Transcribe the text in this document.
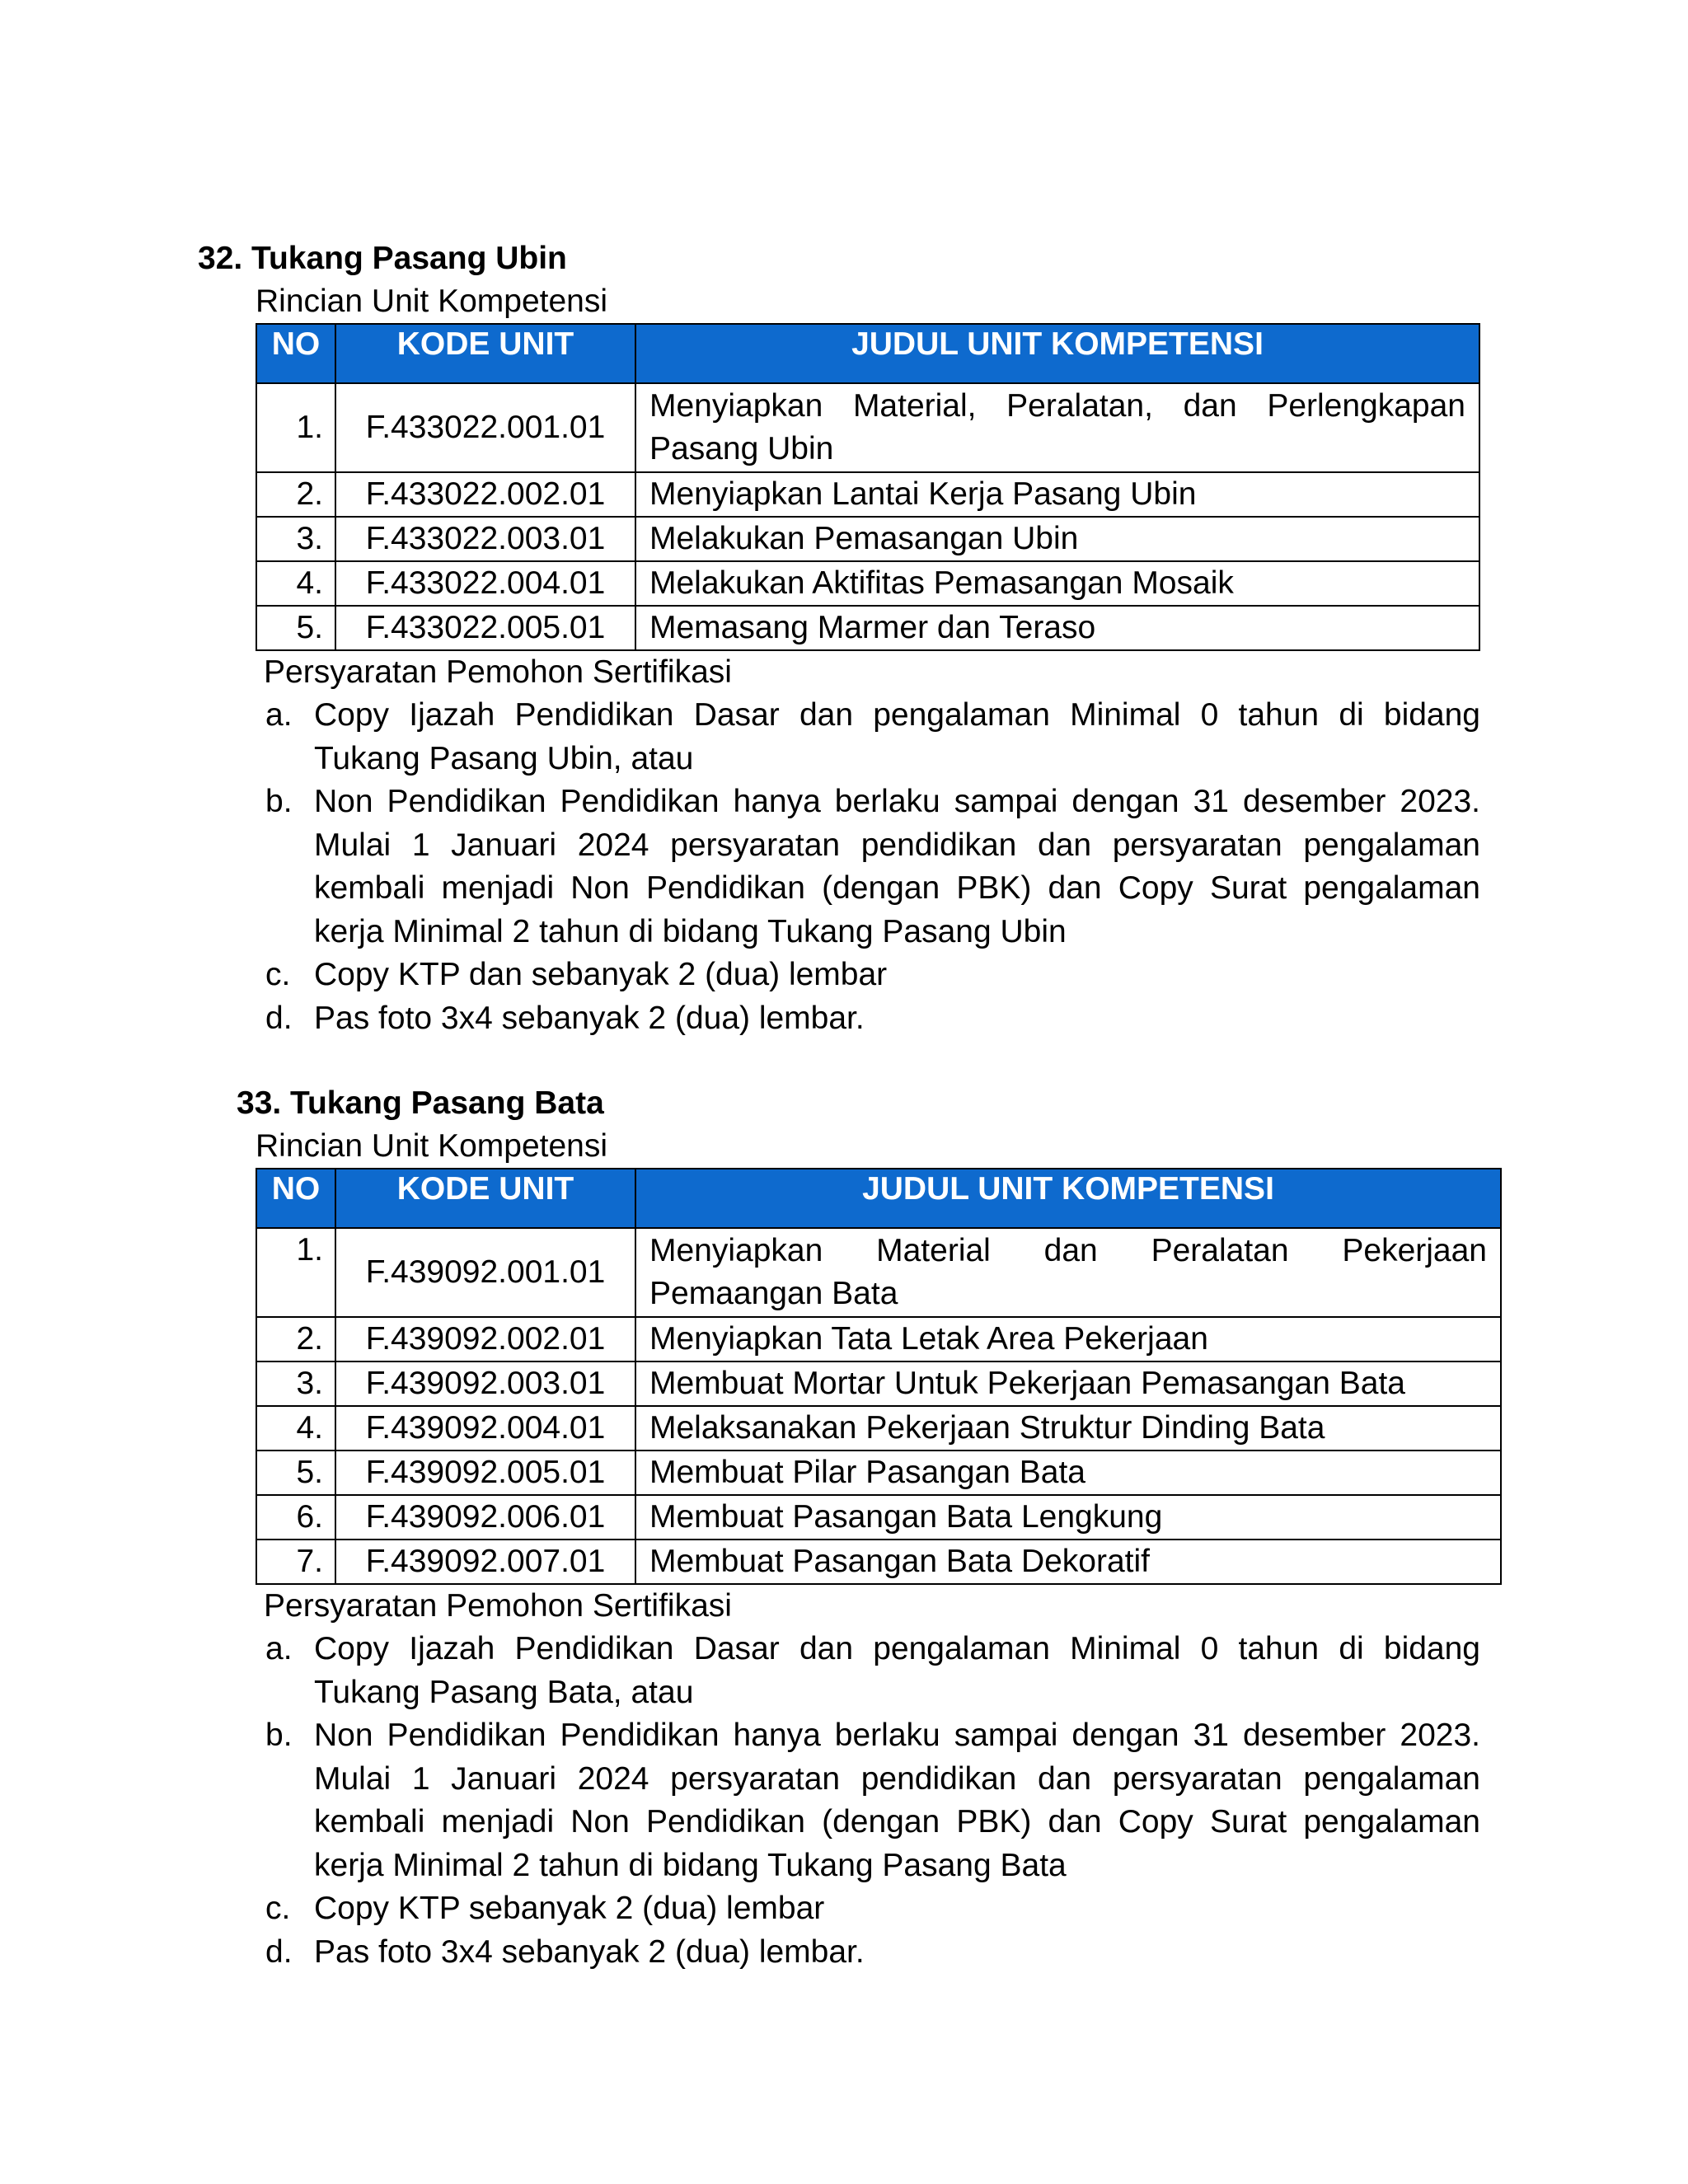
32. Tukang Pasang Ubin

Rincian Unit Kompetensi

NO	KODE UNIT	JUDUL UNIT KOMPETENSI
1.	F.433022.001.01	Menyiapkan Material, Peralatan, dan Perlengkapan Pasang Ubin
2.	F.433022.002.01	Menyiapkan Lantai Kerja Pasang Ubin
3.	F.433022.003.01	Melakukan Pemasangan Ubin
4.	F.433022.004.01	Melakukan Aktifitas Pemasangan Mosaik
5.	F.433022.005.01	Memasang Marmer dan Teraso

Persyaratan Pemohon Sertifikasi

a. Copy Ijazah Pendidikan Dasar dan pengalaman Minimal 0 tahun di bidang Tukang Pasang Ubin, atau
b. Non Pendidikan Pendidikan hanya berlaku sampai dengan 31 desember 2023. Mulai 1 Januari 2024 persyaratan pendidikan dan persyaratan pengalaman kembali menjadi Non Pendidikan (dengan PBK) dan Copy Surat pengalaman kerja Minimal 2 tahun di bidang Tukang Pasang Ubin
c. Copy KTP dan sebanyak 2 (dua) lembar
d. Pas foto 3x4 sebanyak 2 (dua) lembar.
33. Tukang Pasang Bata

Rincian Unit Kompetensi

NO	KODE UNIT	JUDUL UNIT KOMPETENSI
1.	F.439092.001.01	Menyiapkan Material dan Peralatan Pekerjaan Pemaangan Bata
2.	F.439092.002.01	Menyiapkan Tata Letak Area Pekerjaan
3.	F.439092.003.01	Membuat Mortar Untuk Pekerjaan Pemasangan Bata
4.	F.439092.004.01	Melaksanakan Pekerjaan Struktur Dinding Bata
5.	F.439092.005.01	Membuat Pilar Pasangan Bata
6.	F.439092.006.01	Membuat Pasangan Bata Lengkung
7.	F.439092.007.01	Membuat Pasangan Bata Dekoratif

Persyaratan Pemohon Sertifikasi

a. Copy Ijazah Pendidikan Dasar dan pengalaman Minimal 0 tahun di bidang Tukang Pasang Bata, atau
b. Non Pendidikan Pendidikan hanya berlaku sampai dengan 31 desember 2023. Mulai 1 Januari 2024 persyaratan pendidikan dan persyaratan pengalaman kembali menjadi Non Pendidikan (dengan PBK) dan Copy Surat pengalaman kerja Minimal 2 tahun di bidang Tukang Pasang Bata
c. Copy KTP sebanyak 2 (dua) lembar
d. Pas foto 3x4 sebanyak 2 (dua) lembar.
